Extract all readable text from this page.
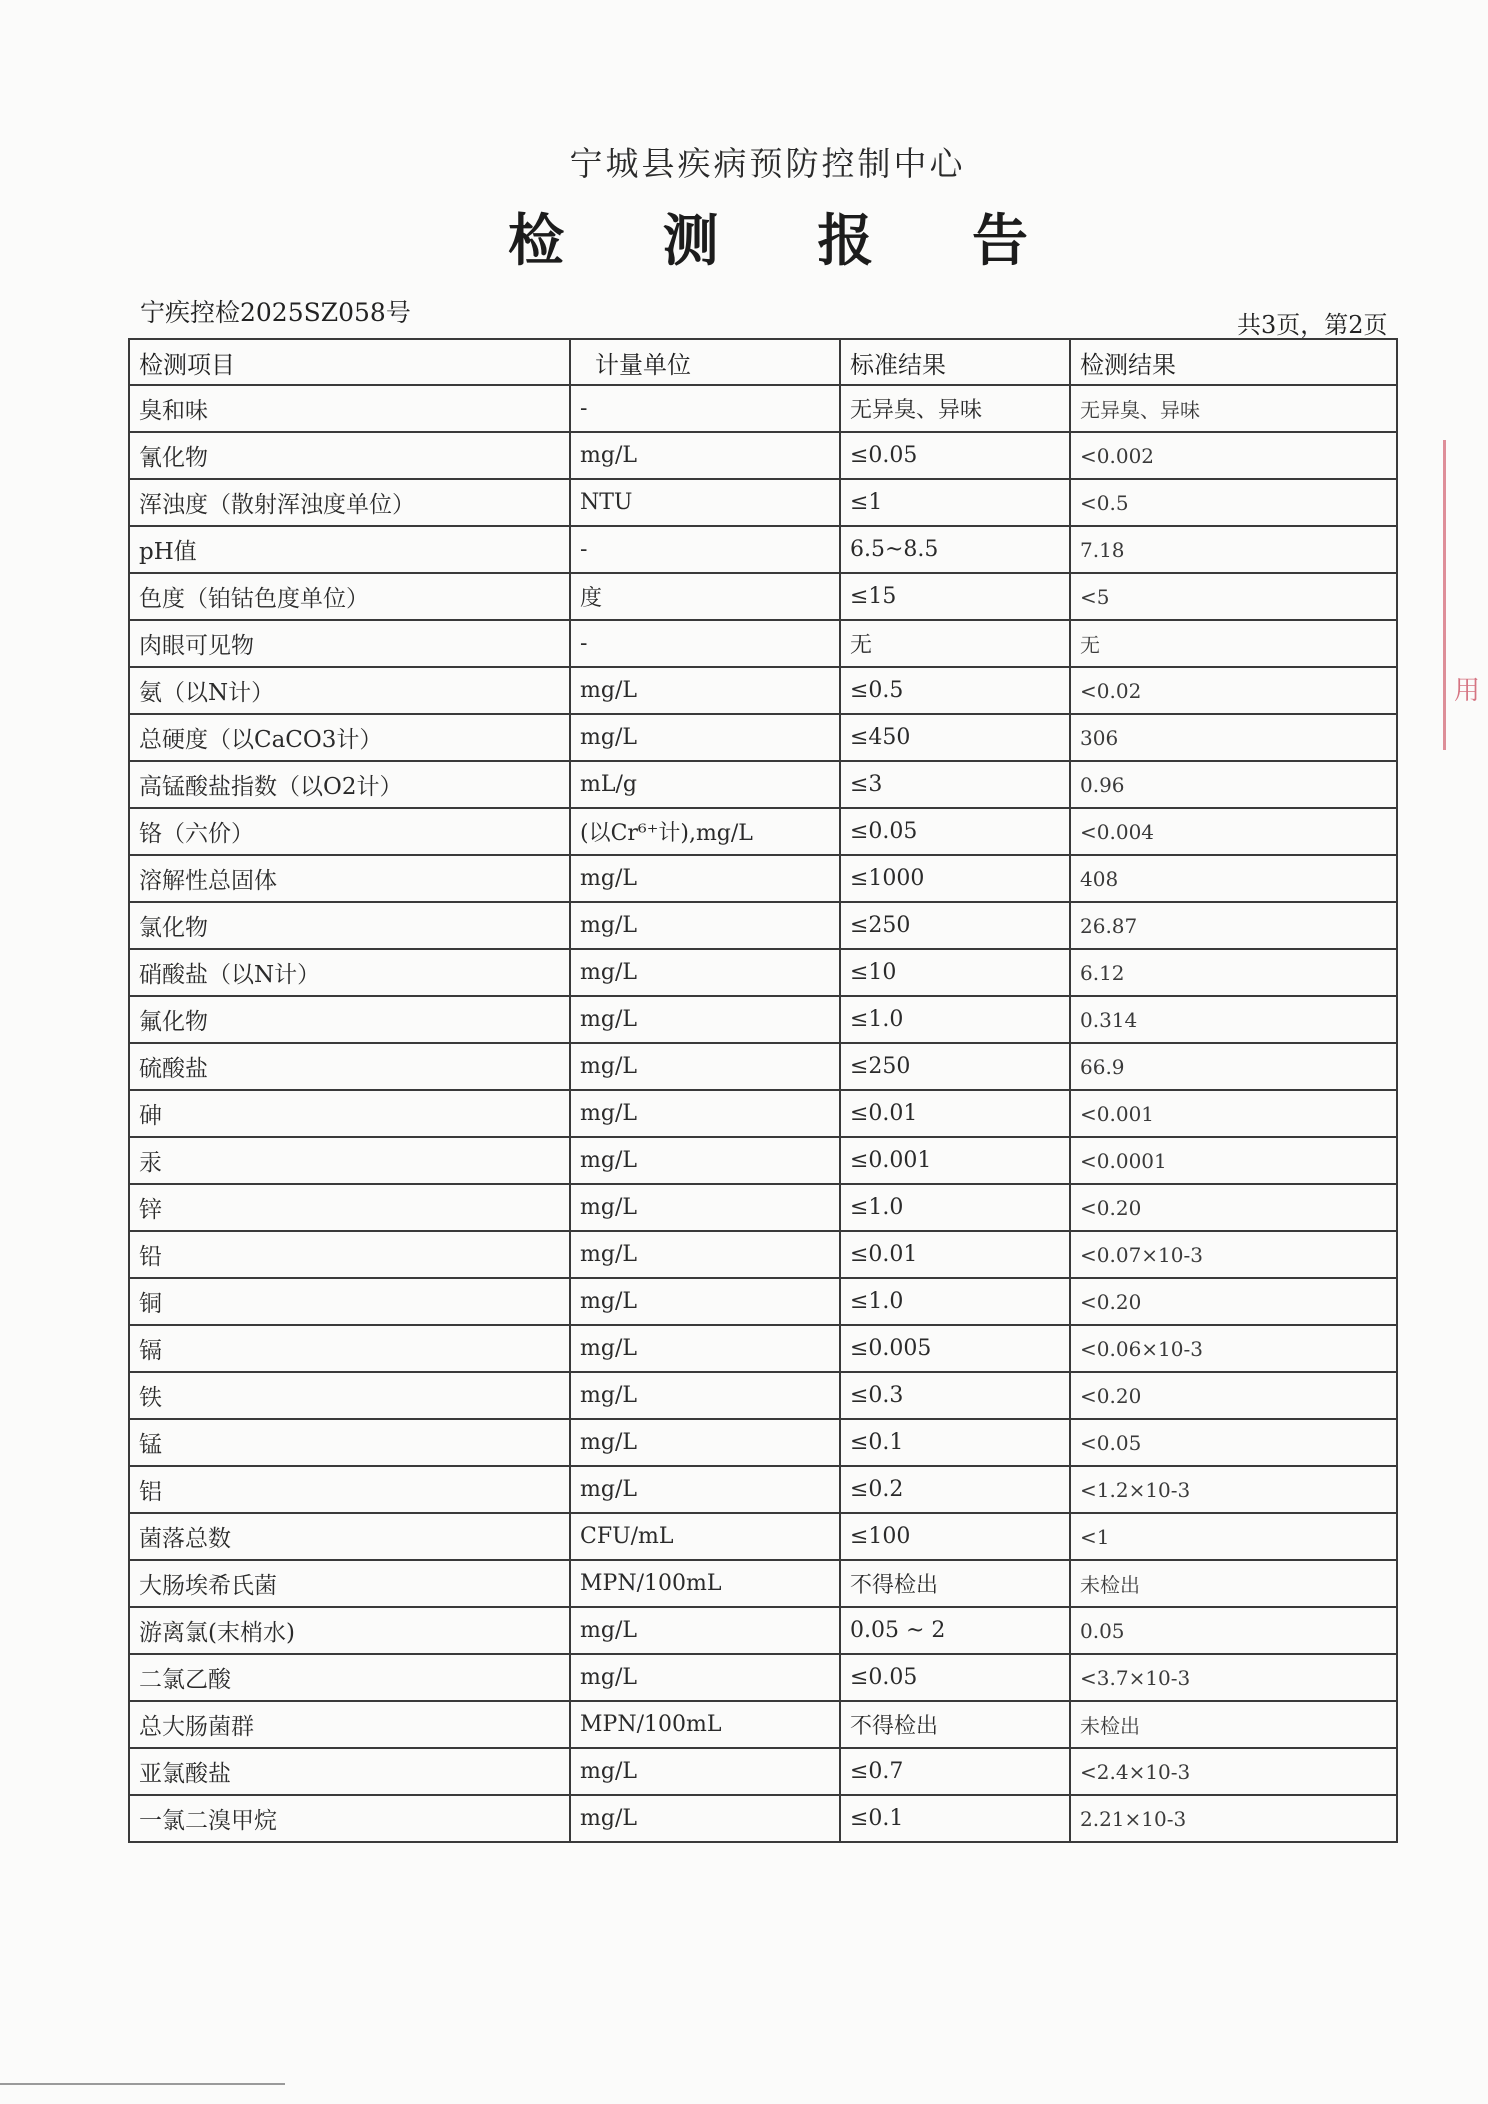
宁城县疾病预防控制中心
检 测 报 告
宁疾控检2025SZ058号	共3页，第2页
检测项目	计量单位	标准结果	检测结果
臭和味	-	无异臭、异味	无异臭、异味
氰化物	mg/L	≤0.05	<0.002
浑浊度（散射浑浊度单位）	NTU	≤1	<0.5
pH值	-	6.5~8.5	7.18
色度（铂钴色度单位）	度	≤15	<5
肉眼可见物	-	无	无
氨（以N计）	mg/L	≤0.5	<0.02
总硬度（以CaCO3计）	mg/L	≤450	306
高锰酸盐指数（以O2计）	mL/g	≤3	0.96
铬（六价）	(以Cr⁶⁺计),mg/L	≤0.05	<0.004
溶解性总固体	mg/L	≤1000	408
氯化物	mg/L	≤250	26.87
硝酸盐（以N计）	mg/L	≤10	6.12
氟化物	mg/L	≤1.0	0.314
硫酸盐	mg/L	≤250	66.9
砷	mg/L	≤0.01	<0.001
汞	mg/L	≤0.001	<0.0001
锌	mg/L	≤1.0	<0.20
铅	mg/L	≤0.01	<0.07×10-3
铜	mg/L	≤1.0	<0.20
镉	mg/L	≤0.005	<0.06×10-3
铁	mg/L	≤0.3	<0.20
锰	mg/L	≤0.1	<0.05
铝	mg/L	≤0.2	<1.2×10-3
菌落总数	CFU/mL	≤100	<1
大肠埃希氏菌	MPN/100mL	不得检出	未检出
游离氯(末梢水)	mg/L	0.05 ~ 2	0.05
二氯乙酸	mg/L	≤0.05	<3.7×10-3
总大肠菌群	MPN/100mL	不得检出	未检出
亚氯酸盐	mg/L	≤0.7	<2.4×10-3
一氯二溴甲烷	mg/L	≤0.1	2.21×10-3
用
